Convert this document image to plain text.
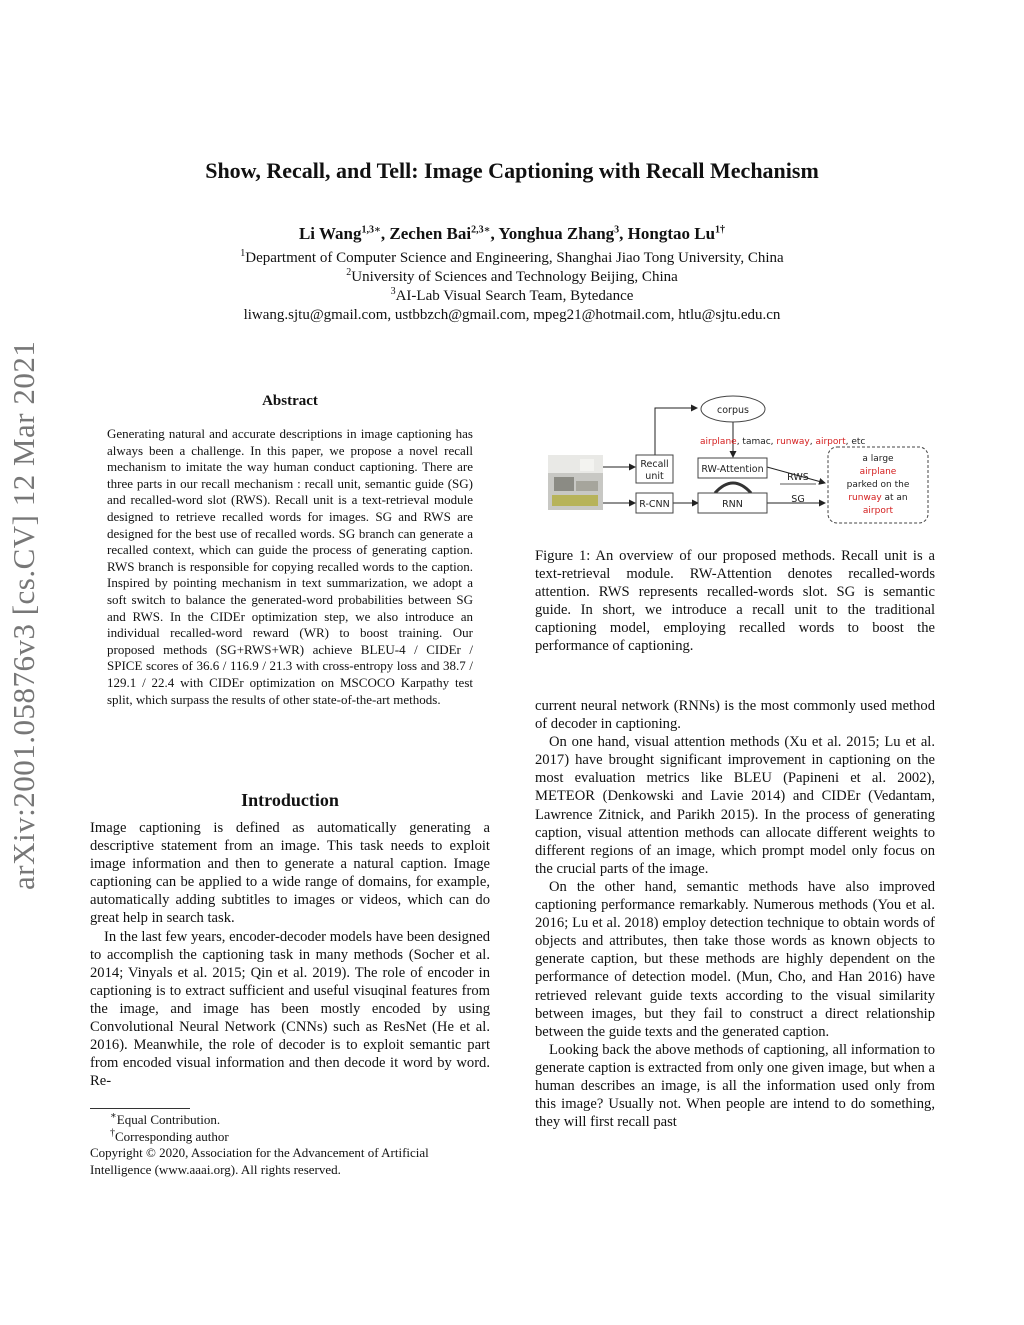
arXiv:2001.05876v3 [cs.CV] 12 Mar 2021
Show, Recall, and Tell: Image Captioning with Recall Mechanism
Li Wang$^{1,3∗}$, Zechen Bai$^{2,3∗}$, Yonghua Zhang$^3$, Hongtao $Lu^{1\dagger}$
$^1$Department of Computer Science and Engineering, Shanghai Jiao Tong University, China
$^2$University of Sciences and Technology Beijing, China
$^3$AI-Lab Visual Search Team, Bytedance
liwang.sjtu@gmail.com, ustbbzch@gmail.com, mpeg21@hotmail.com, htlu@sjtu.edu.cn
Abstract
Generating natural and accurate descriptions in image captioning has always been a challenge. In this paper, we propose a novel recall mechanism to imitate the way human conduct captioning. There are three parts in our recall mechanism : recall unit, semantic guide (SG) and recalled-word slot (RWS). Recall unit is a text-retrieval module designed to retrieve recalled words for images. SG and RWS are designed for the best use of recalled words. SG branch can generate a recalled context, which can guide the process of generating caption. RWS branch is responsible for copying recalled words to the caption. Inspired by pointing mechanism in text summarization, we adopt a soft switch to balance the generated-word probabilities between SG and RWS. In the CIDEr optimization step, we also introduce an individual recalled-word reward (WR) to boost training. Our proposed methods (SG+RWS+WR) achieve BLEU-4 / CIDEr / SPICE scores of 36.6 / 116.9 / 21.3 with cross-entropy loss and 38.7 / 129.1 / 22.4 with CIDEr optimization on MSCOCO Karpathy test split, which surpass the results of other state-of-the-art methods.
Introduction

Image captioning is defined as automatically generating a descriptive statement from an image. This task needs to exploit image information and then to generate a natural caption. Image captioning can be applied to a wide range of domains, for example, automatically adding subtitles to images or videos, which can do great help in search task.

In the last few years, encoder-decoder models have been designed to accomplish the captioning task in many methods (Socher et al. 2014; Vinyals et al. 2015; Qin et al. 2019). The role of encoder in captioning is to extract sufficient and useful visuqinal features from the image, and image has been mostly encoded by using Convolutional Neural Network (CNNs) such as ResNet (He et al. 2016). Meanwhile, the role of decoder is to exploit semantic part from encoded visual information and then decode it word by word. Re-

∗Equal Contribution.
†Corresponding author
Copyright © 2020, Association for the Advancement of Artificial Intelligence (www.aaai.org). All rights reserved.
corpus
airplane, tamac, runway, airport, etc
Recall
unit
RW-Attention
R-CNN	RNN
RWS
SG
a large
airplane
parked on the
runway at an
airport
Figure 1: An overview of our proposed methods. Recall unit is a text-retrieval module. RW-Attention denotes recalled-words attention. RWS represents recalled-words slot. SG is semantic guide. In short, we introduce a recall unit to the traditional captioning model, employing recalled words to boost the performance of captioning.

current neural network (RNNs) is the most commonly used method of decoder in captioning.

On one hand, visual attention methods (Xu et al. 2015; Lu et al. 2017) have brought significant improvement in captioning on the most evaluation metrics like BLEU (Papineni et al. 2002), METEOR (Denkowski and Lavie 2014) and CIDEr (Vedantam, Lawrence Zitnick, and Parikh 2015). In the process of generating caption, visual attention methods can allocate different weights to different regions of an image, which prompt model only focus on the crucial parts of the image.

On the other hand, semantic methods have also improved captioning performance remarkably. Numerous methods (You et al. 2016; Lu et al. 2018) employ detection technique to obtain words of objects and attributes, then take those words as known objects to generate caption, but these methods are highly dependent on the performance of detection model. (Mun, Cho, and Han 2016) have retrieved relevant guide texts according to the visual similarity between images, but they fail to construct a direct relationship between the guide texts and the generated caption.

Looking back the above methods of captioning, all information to generate caption is extracted from only one given image, but when a human describes an image, is all the information used only from this image? Usually not. When people are intend to do something, they will first recall past
